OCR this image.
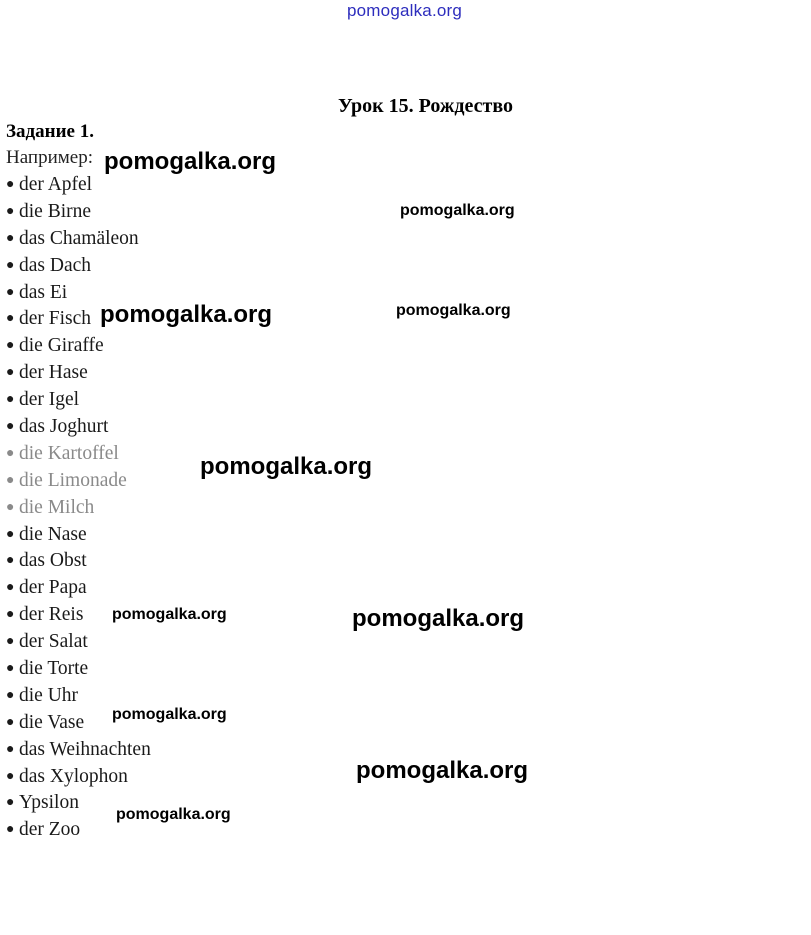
pomogalka.org
Урок 15. Рождество
Задание 1.
Например:
● der Apfel
● die Birne
● das Chamäleon
● das Dach
● das Ei
● der Fisch
● die Giraffe
● der Hase
● der Igel
● das Joghurt
● die Kartoffel
● die Limonade
● die Milch
● die Nase
● das Obst
● der Papa
● der Reis
● der Salat
● die Torte
● die Uhr
● die Vase
● das Weihnachten
● das Xylophon
● Ypsilon
● der Zoo
pomogalka.org
pomogalka.org
pomogalka.org	pomogalka.org
pomogalka.org
pomogalka.org	pomogalka.org
pomogalka.org
pomogalka.org
pomogalka.org
